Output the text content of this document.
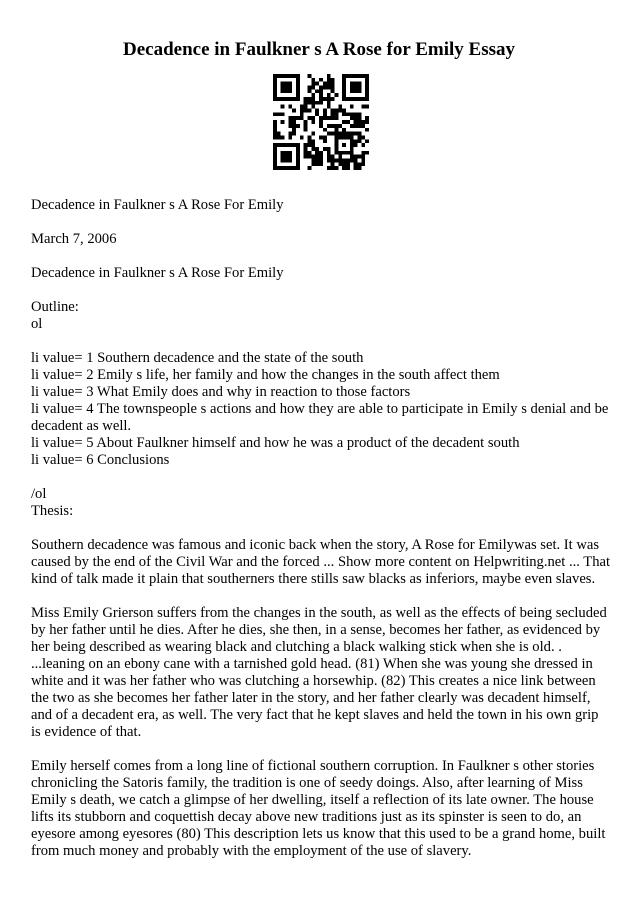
Decadence in Faulkner s A Rose for Emily Essay

Decadence in Faulkner s A Rose For Emily

March 7, 2006

Decadence in Faulkner s A Rose For Emily

Outline:

ol

li value= 1 Southern decadence and the state of the south

li value= 2 Emily s life, her family and how the changes in the south affect them

li value= 3 What Emily does and why in reaction to those factors

li value= 4 The townspeople s actions and how they are able to participate in Emily s denial and be decadent as well.

li value= 5 About Faulkner himself and how he was a product of the decadent south

li value= 6 Conclusions

/ol

Thesis:

Southern decadence was famous and iconic back when the story, A Rose for Emilywas set. It was caused by the end of the Civil War and the forced ... Show more content on Helpwriting.net ... That kind of talk made it plain that southerners there stills saw blacks as inferiors, maybe even slaves.

Miss Emily Grierson suffers from the changes in the south, as well as the effects of being secluded by her father until he dies. After he dies, she then, in a sense, becomes her father, as evidenced by her being described as wearing black and clutching a black walking stick when she is old. . ...leaning on an ebony cane with a tarnished gold head. (81) When she was young she dressed in white and it was her father who was clutching a horsewhip. (82) This creates a nice link between the two as she becomes her father later in the story, and her father clearly was decadent himself, and of a decadent era, as well. The very fact that he kept slaves and held the town in his own grip is evidence of that.

Emily herself comes from a long line of fictional southern corruption. In Faulkner s other stories chronicling the Satoris family, the tradition is one of seedy doings. Also, after learning of Miss Emily s death, we catch a glimpse of her dwelling, itself a reflection of its late owner. The house lifts its stubborn and coquettish decay above new traditions just as its spinster is seen to do, an eyesore among eyesores (80) This description lets us know that this used to be a grand home, built from much money and probably with the employment of the use of slavery.
